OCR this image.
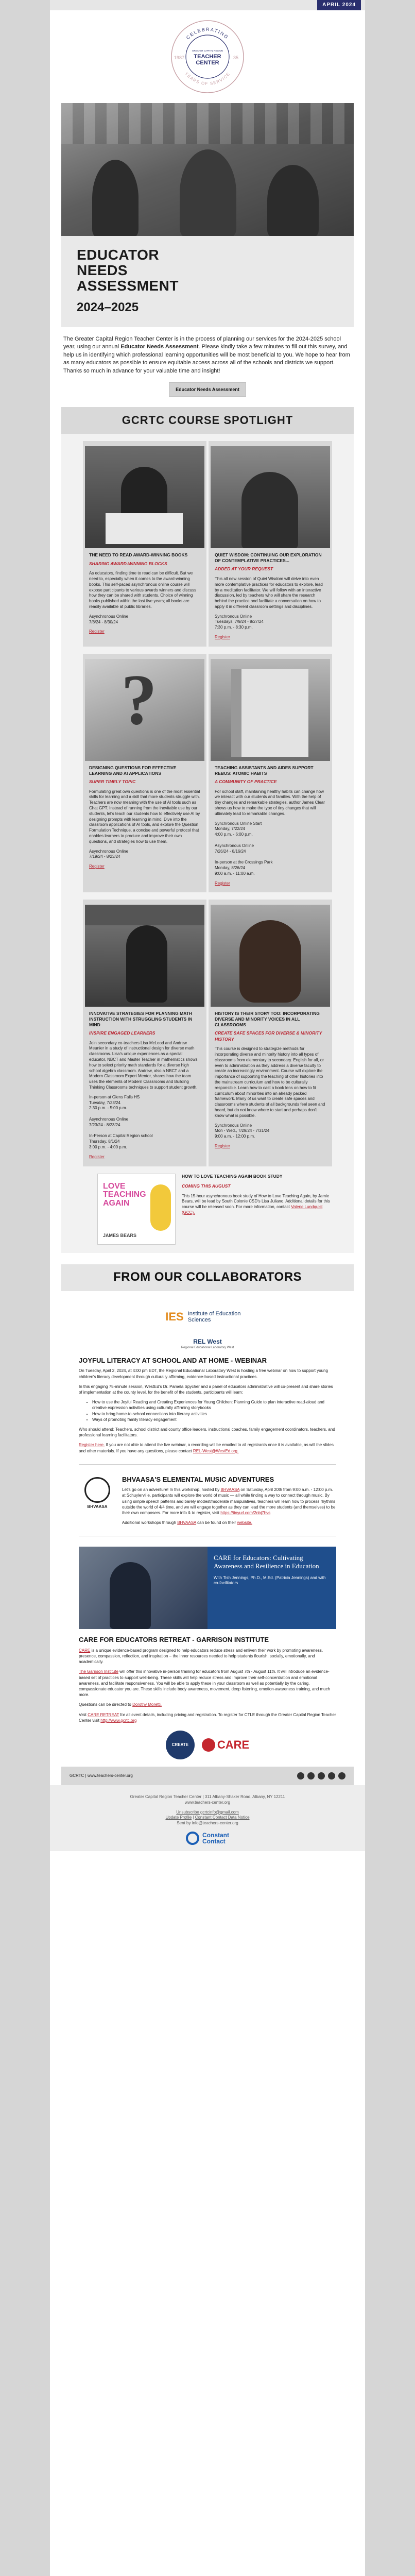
APRIL 2024
CELEBRATING
YEARS OF SERVICE
1987	35
GREATER CAPITAL REGION
TEACHER
CENTER
EDUCATOR NEEDS ASSESSMENT
2024–2025
The Greater Capital Region Teacher Center is in the process of planning our services for the 2024-2025 school year, using our annual Educator Needs Assessment. Please kindly take a few minutes to fill out this survey, and help us in identifying which professional learning opportunities will be most beneficial to you. We hope to hear from as many educators as possible to ensure equitable access across all of the schools and districts we support. Thanks so much in advance for your valuable time and insight!
Educator Needs Assessment
GCRTC COURSE SPOTLIGHT
THE NEED TO READ AWARD-WINNING BOOKS
SHARING AWARD-WINNING BLOCKS
As educators, finding time to read can be difficult. But we need to, especially when it comes to the award-winning books. This self-paced asynchronous online course will expose participants to various awards winners and discuss how they can be shared with students. Choice of winning books published within the last five years; all books are readily available at public libraries.
Asynchronous Online
7/8/24 - 8/30/24
Register
QUIET WISDOM: CONTINUING OUR EXPLORATION OF CONTEMPLATIVE PRACTICES...
ADDED AT YOUR REQUEST
This all new session of Quiet Wisdom will delve into even more contemplative practices for educators to explore, lead by a meditation facilitator. We will follow with an interactive discussion, led by teachers who will share the research behind the practice and facilitate a conversation on how to apply it in different classroom settings and disciplines.
Synchronous Online
Tuesdays, 7/9/24 - 8/27/24
7:30 p.m. - 8:30 p.m.
Register
?
DESIGNING QUESTIONS FOR EFFECTIVE LEARNING AND AI APPLICATIONS
SUPER TIMELY TOPIC
Formulating great own questions is one of the most essential skills for learning and a skill that more students struggle with. Teachers are now meaning with the use of AI tools such as Chat GPT. Instead of running from the inevitable use by our students, let's teach our students how to effectively use AI by designing prompts with learning in mind. Dive into the classroom applications of AI tools, and explore the Question Formulation Technique, a concise and powerful protocol that enables learners to produce and improve their own questions, and strategies how to use them.
Asynchronous Online
7/19/24 - 8/23/24
Register
TEACHING ASSISTANTS AND AIDES SUPPORT REBUS: ATOMIC HABITS
A COMMUNITY OF PRACTICE
For school staff, maintaining healthy habits can change how we interact with our students and families. With the help of tiny changes and remarkable strategies, author James Clear shows us how to make the type of tiny changes that will ultimately lead to remarkable changes.
Synchronous Online Start
Monday, 7/22/24
4:00 p.m. - 6:00 p.m.

Asynchronous Online
7/26/24 - 8/16/24

In-person at the Crossings Park
Monday, 8/26/24
9:00 a.m. - 11:00 a.m.
Register
INNOVATIVE STRATEGIES FOR PLANNING MATH INSTRUCTION WITH STRUGGLING STUDENTS IN MIND
INSPIRE ENGAGED LEARNERS
Join secondary co-teachers Lisa McLeod and Andrew Meunier in a study of instructional design for diverse math classrooms. Lisa's unique experiences as a special educator, NBCT and Master Teacher in mathematics shows how to select priority math standards for a diverse high school algebra classroom. Andrew, also a NBCT and a Modern Classroom Expert Mentor, shares how the team uses the elements of Modern Classrooms and Building Thinking Classrooms techniques to support student growth.
In-person at Glens Falls HS
Tuesday, 7/23/24
2:30 p.m. - 5:00 p.m.

Asynchronous Online
7/23/24 - 8/23/24

In-Person at Capital Region school
Thursday, 8/1/24
3:00 p.m. - 4:00 p.m.
Register
HISTORY IS THEIR STORY TOO: INCORPORATING DIVERSE AND MINORITY VOICES IN ALL CLASSROOMS
CREATE SAFE SPACES FOR DIVERSE & MINORITY HISTORY
This course is designed to strategize methods for incorporating diverse and minority history into all types of classrooms from elementary to secondary. English for all, or even to administration as they address a diverse faculty to create an increasingly environment. Course will explore the importance of supporting the teaching of other histories into the mainstream curriculum and how to be culturally responsible. Learn how to cast a book lens on how to fit curriculum about minorities into an already packed framework. Many of us want to create safe spaces and classrooms where students of all backgrounds feel seen and heard, but do not know where to start and perhaps don't know what is possible.
Synchronous Online
Mon - Wed., 7/29/24 - 7/31/24
9:00 a.m. - 12:00 p.m.
Register
LOVE TEACHING AGAIN
JAMES BEARS
HOW TO LOVE TEACHING AGAIN BOOK STUDY
COMING THIS AUGUST
This 15-hour asynchronous book study of How to Love Teaching Again, by Jamie Bears, will be lead by South Colonie CSD's Lisa Juliano. Additional details for this course will be released soon. For more information, contact Valerie Lundquist (GCC).
FROM OUR COLLABORATORS
IES Institute of Education Sciences
REL West
Regional Educational Laboratory West
JOYFUL LITERACY AT SCHOOL AND AT HOME - WEBINAR

On Tuesday, April 2, 2024, at 4:00 pm EDT, the Regional Educational Laboratory West is hosting a free webinar on how to support young children's literacy development through culturally affirming, evidence-based instructional practices.

In this engaging 75-minute session, WestEd's Dr. Pamela Spycher and a panel of educators administrative will co-present and share stories of implementation at the county level, for the benefit of the students, participants will learn:

• How to use the Joyful Reading and Creating Experiences for Young Children: Planning Guide to plan interactive read-aloud and creative expression activities using culturally affirming storybooks
• How to bring home-to-school connections into literacy activities
• Ways of promoting family literacy engagement

Who should attend: Teachers, school district and county office leaders, instructional coaches, family engagement coordinators, teachers, and professional learning facilitators.

Register here. If you are not able to attend the live webinar, a recording will be emailed to all registrants once it is available, as will the slides and other materials. If you have any questions, please contact REL-West@WestEd.org.

BHVAASA
BHVAASA'S ELEMENTAL MUSIC ADVENTURES

Let's go on an adventure! In this workshop, hosted by BHVAASA on Saturday, April 20th from 9:00 a.m. - 12:00 p.m. at Schuylerville, participants will explore the world of music — all while finding a way to connect through music. By using simple speech patterns and barely modest/moderate manipulatives, teachers will learn how to process rhythms outside the world of 4/4 time, and we will engage together as they can lead the more students (and themselves) to be their own composers. For more info & to register, visit https://tinyurl.com/2nbj7hvs

Additional workshops through BHVAASA can be found on their website.

CARE for Educators: Cultivating Awareness and Resilience in Education
With Tish Jennings, Ph.D., M.Ed. (Patricia Jennings) and with co-facilitators
CARE FOR EDUCATORS RETREAT - GARRISON INSTITUTE

CARE is a unique evidence-based program designed to help educators reduce stress and enliven their work by promoting awareness, presence, compassion, reflection, and inspiration – the inner resources needed to help students flourish, socially, emotionally, and academically.

The Garrison Institute will offer this innovative in-person training for educators from August 7th - August 11th. It will introduce an evidence-based set of practices to support well-being. These skills will help reduce stress and improve their self-concentration and emotional awareness, and facilitate responsiveness. You will be able to apply these in your classroom as well as potentially by the caring, compassionate educator you are. These skills include body awareness, movement, deep listening, emotion-awareness training, and much more.

Questions can be directed to Dorothy Moretti.

Visit CARE RETREAT for all event details, including pricing and registration. To register for CTLE through the Greater Capital Region Teacher Center visit http://www.gcrtc.org

CREATE	CARE
GCRTC | www.teachers-center.org
Greater Capital Region Teacher Center | 311 Albany-Shaker Road, Albany, NY 12211
www.teachers-center.org
Unsubscribe gcrtcinfo@gmail.com
Update Profile | Constant Contact Data Notice
Sent by info@teachers-center.org
Constant
Contact
